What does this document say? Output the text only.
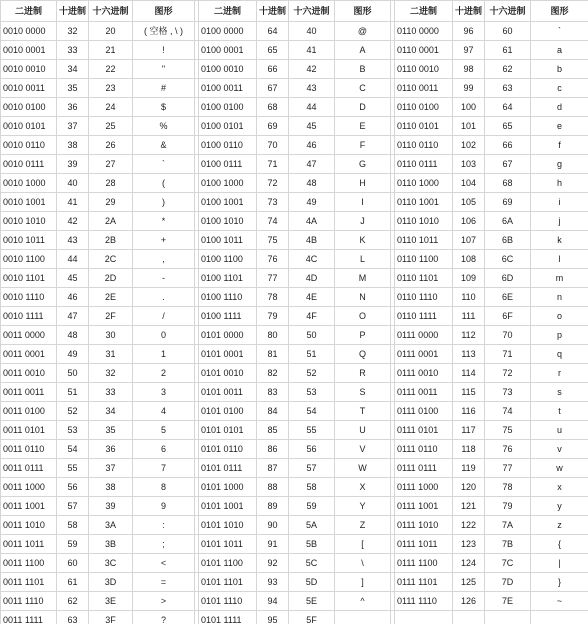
二进制	十进制	十六进制	图形		二进制	十进制	十六进制	图形		二进制	十进制	十六进制	图形
0010 0000	32	20	( 空格 , \ )		0100 0000	64	40	@		0110 0000	96	60	`
0010 0001	33	21	!		0100 0001	65	41	A		0110 0001	97	61	a
0010 0010	34	22	"		0100 0010	66	42	B		0110 0010	98	62	b
0010 0011	35	23	#		0100 0011	67	43	C		0110 0011	99	63	c
0010 0100	36	24	$		0100 0100	68	44	D		0110 0100	100	64	d
0010 0101	37	25	%		0100 0101	69	45	E		0110 0101	101	65	e
0010 0110	38	26	&		0100 0110	70	46	F		0110 0110	102	66	f
0010 0111	39	27	`		0100 0111	71	47	G		0110 0111	103	67	g
0010 1000	40	28	(		0100 1000	72	48	H		0110 1000	104	68	h
0010 1001	41	29	)		0100 1001	73	49	I		0110 1001	105	69	i
0010 1010	42	2A	*		0100 1010	74	4A	J		0110 1010	106	6A	j
0010 1011	43	2B	+		0100 1011	75	4B	K		0110 1011	107	6B	k
0010 1100	44	2C	,		0100 1100	76	4C	L		0110 1100	108	6C	l
0010 1101	45	2D	-		0100 1101	77	4D	M		0110 1101	109	6D	m
0010 1110	46	2E	.		0100 1110	78	4E	N		0110 1110	110	6E	n
0010 1111	47	2F	/		0100 1111	79	4F	O		0110 1111	111	6F	o
0011 0000	48	30	0		0101 0000	80	50	P		0111 0000	112	70	p
0011 0001	49	31	1		0101 0001	81	51	Q		0111 0001	113	71	q
0011 0010	50	32	2		0101 0010	82	52	R		0111 0010	114	72	r
0011 0011	51	33	3		0101 0011	83	53	S		0111 0011	115	73	s
0011 0100	52	34	4		0101 0100	84	54	T		0111 0100	116	74	t
0011 0101	53	35	5		0101 0101	85	55	U		0111 0101	117	75	u
0011 0110	54	36	6		0101 0110	86	56	V		0111 0110	118	76	v
0011 0111	55	37	7		0101 0111	87	57	W		0111 0111	119	77	w
0011 1000	56	38	8		0101 1000	88	58	X		0111 1000	120	78	x
0011 1001	57	39	9		0101 1001	89	59	Y		0111 1001	121	79	y
0011 1010	58	3A	:		0101 1010	90	5A	Z		0111 1010	122	7A	z
0011 1011	59	3B	;		0101 1011	91	5B	[		0111 1011	123	7B	{
0011 1100	60	3C	<		0101 1100	92	5C	\		0111 1100	124	7C	|
0011 1101	61	3D	=		0101 1101	93	5D	]		0111 1101	125	7D	}
0011 1110	62	3E	>		0101 1110	94	5E	^		0111 1110	126	7E	~
0011 1111	63	3F	?		0101 1111	95	5F	_					
